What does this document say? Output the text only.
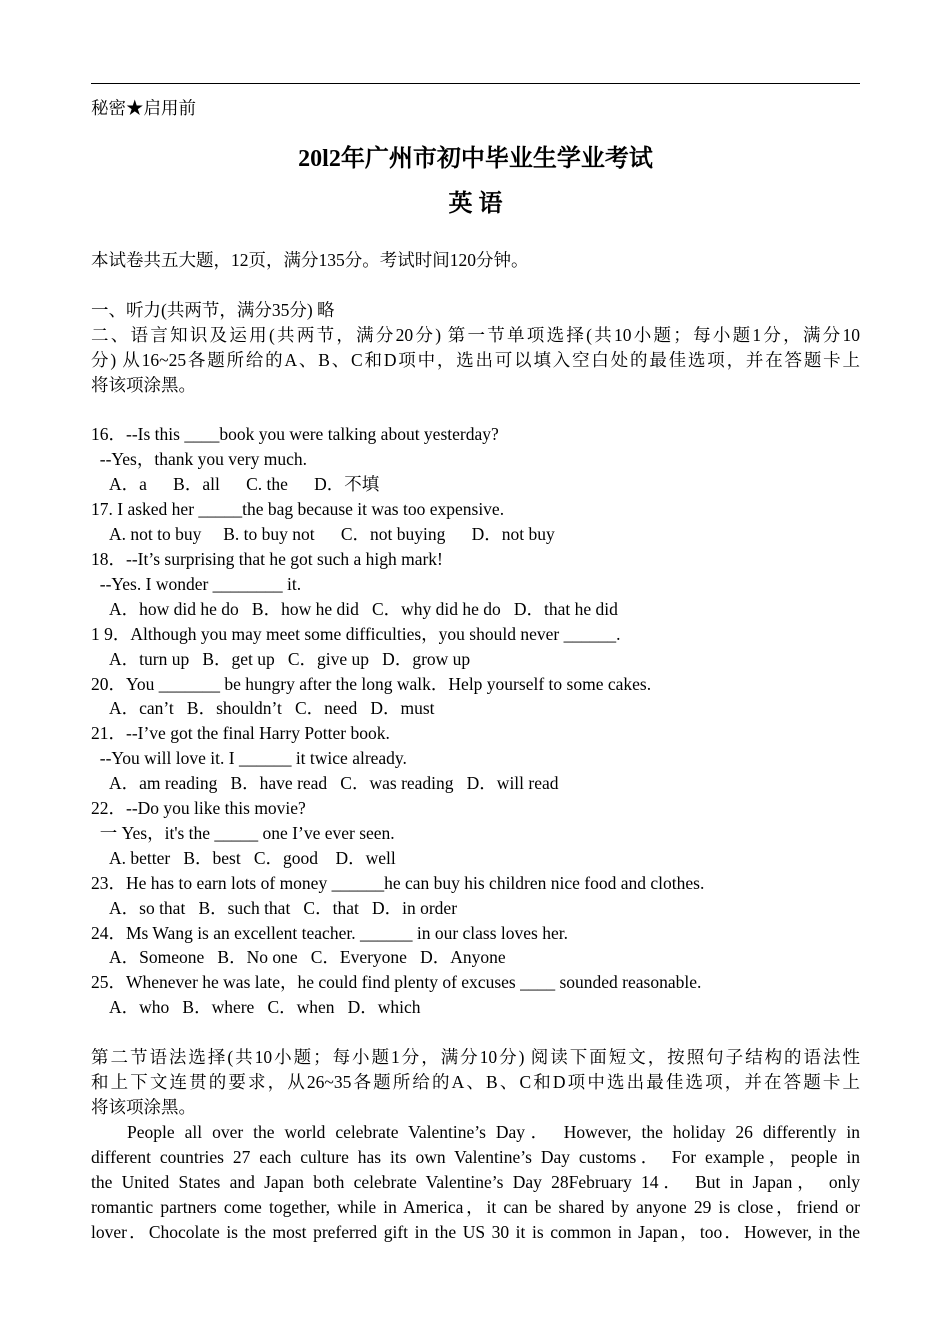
秘密★启用前

20l2年广州市初中毕业生学业考试

英 语

本试卷共五大题，12页，满分135分。考试时间120分钟。

一、听力(共两节，满分35分) 略

二、语言知识及运用(共两节，满分20分) 第一节单项选择(共10小题；每小题1分，满分10
分) 从16~25各题所给的A、B、C和D项中，选出可以填入空白处的最佳选项，并在答题卡上

将该项涂黑。

16．--Is this ____book you were talking about yesterday?

--Yes，thank you very much.

A．a      B．all      C. the      D．不填

17. I asked her _____the bag because it was too expensive.

A. not to buy     B. to buy not      C．not buying      D．not buy

18．--It’s surprising that he got such a high mark!

--Yes. I wonder ________ it.

A．how did he do   B．how he did   C．why did he do   D．that he did

1 9．Although you may meet some difficulties，you should never ______.

A．turn up   B．get up   C．give up   D．grow up

20．You _______ be hungry after the long walk．Help yourself to some cakes.

A．can’t   B．shouldn’t   C．need   D．must

21．--I’ve got the final Harry Potter book.

--You will love it. I ______ it twice already.

A．am reading   B．have read   C．was reading   D．will read

22．--Do you like this movie?

一 Yes，it's the _____ one I’ve ever seen.

A. better   B．best   C．good    D．well

23．He has to earn lots of money ______he can buy his children nice food and clothes.

A．so that   B．such that   C．that   D．in order

24．Ms Wang is an excellent teacher. ______ in our class loves her.

A．Someone   B．No one   C．Everyone   D．Anyone

25．Whenever he was late，he could find plenty of excuses ____ sounded reasonable.

A．who   B．where   C．when   D．which

第二节语法选择(共10小题；每小题1分，满分10分) 阅读下面短文，按照句子结构的语法性
和上下文连贯的要求，从26~35各题所给的A、B、C和D项中选出最佳选项，并在答题卡上

将该项涂黑。

People all over the world celebrate Valentine’s Day． However, the holiday 26 differently in
different countries 27 each culture has its own Valentine’s Day customs． For example，people in
the United States and Japan both celebrate Valentine’s Day 28February 14． But in Japan， only
romantic partners come together, while in America，it can be shared by anyone 29 is close，friend or
lover．Chocolate is the most preferred gift in the US 30 it is common in Japan，too．However, in the
